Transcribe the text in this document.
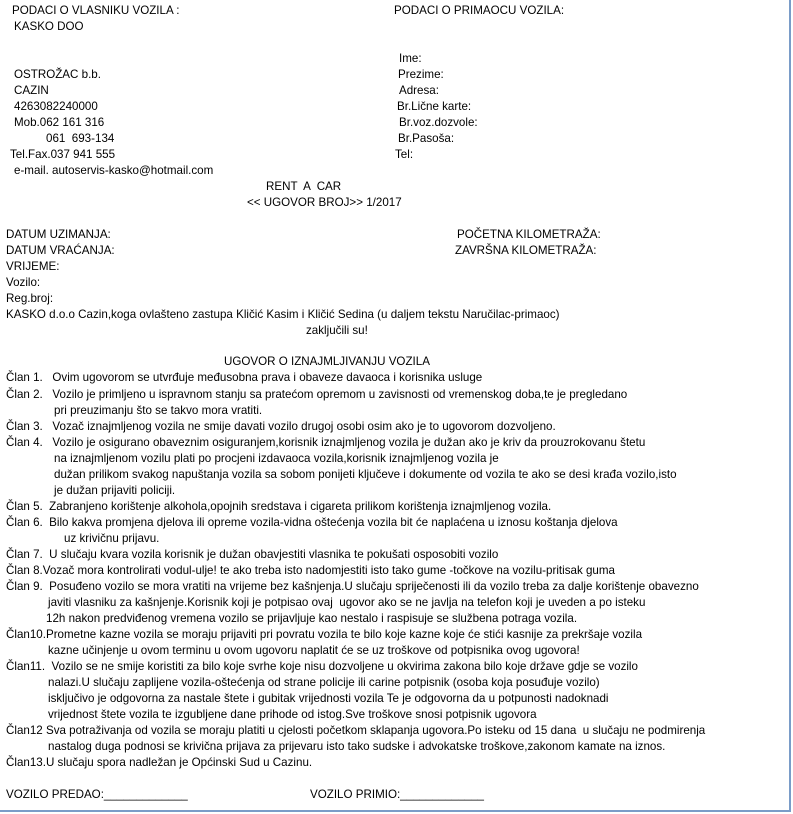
PODACI O VLASNIKU VOZILA :
KASKO DOO
OSTROŽAC b.b.
CAZIN
4263082240000
Mob.062 161 316
061  693-134
Tel.Fax.037 941 555
e-mail. autoservis-kasko@hotmail.com
PODACI O PRIMAOCU VOZILA:
Ime:
Prezime:
Adresa:
Br.Lične karte:
Br.voz.dozvole:
Br.Pasoša:
Tel:
RENT  A  CAR
<< UGOVOR BROJ>> 1/2017
DATUM UZIMANJA:
DATUM VRAĆANJA:
VRIJEME:
Vozilo:
Reg.broj:
POČETNA KILOMETRAŽA:
ZAVRŠNA KILOMETRAŽA:
KASKO d.o.o Cazin,koga ovlašteno zastupa Kličić Kasim i Kličić Sedina (u daljem tekstu Naručilac-primaoc)
zaključili su!
UGOVOR O IZNAJMLJIVANJU VOZILA
Član 1.   Ovim ugovorom se utvrđuje međusobna prava i obaveze davaoca i korisnika usluge
Član 2.   Vozilo je primljeno u ispravnom stanju sa pratećom opremom u zavisnosti od vremenskog doba,te je pregledano
pri preuzimanju što se takvo mora vratiti.
Član 3.   Vozač iznajmljenog vozila ne smije davati vozilo drugoj osobi osim ako je to ugovorom dozvoljeno.
Član 4.   Vozilo je osigurano obaveznim osiguranjem,korisnik iznajmljenog vozila je dužan ako je kriv da prouzrokovanu štetu
na iznajmljenom vozilu plati po procjeni izdavaoca vozila,korisnik iznajmljenog vozila je
dužan prilikom svakog napuštanja vozila sa sobom ponijeti ključeve i dokumente od vozila te ako se desi krađa vozilo,isto
je dužan prijaviti policiji.
Član 5.  Zabranjeno korištenje alkohola,opojnih sredstava i cigareta prilikom korištenja iznajmljenog vozila.
Član 6.  Bilo kakva promjena djelova ili opreme vozila-vidna oštećenja vozila bit će naplaćena u iznosu koštanja djelova
uz krivičnu prijavu.
Član 7.  U slučaju kvara vozila korisnik je dužan obavjestiti vlasnika te pokušati osposobiti vozilo
Član 8.Vozač mora kontrolirati vodul-ulje! te ako treba isto nadomjestiti isto tako gume -točkove na vozilu-pritisak guma
Član 9.  Posuđeno vozilo se mora vratiti na vrijeme bez kašnjenja.U slučaju spriječenosti ili da vozilo treba za dalje korištenje obavezno
javiti vlasniku za kašnjenje.Korisnik koji je potpisao ovaj  ugovor ako se ne javlja na telefon koji je uveden a po isteku
12h nakon predviđenog vremena vozilo se prijavljuje kao nestalo i raspisuje se službena potraga vozila.
Član10.Prometne kazne vozila se moraju prijaviti pri povratu vozila te bilo koje kazne koje će stići kasnije za prekršaje vozila
kazne učinjenje u ovom terminu u ovom ugovoru naplatit će se uz troškove od potpisnika ovog ugovora!
Član11.  Vozilo se ne smije koristiti za bilo koje svrhe koje nisu dozvoljene u okvirima zakona bilo koje države gdje se vozilo
nalazi.U slučaju zaplijene vozila-oštećenja od strane policije ili carine potpisnik (osoba koja posuđuje vozilo)
isključivo je odgovorna za nastale štete i gubitak vrijednosti vozila Te je odgovorna da u potpunosti nadoknadi
vrijednost štete vozila te izgubljene dane prihode od istog.Sve troškove snosi potpisnik ugovora
Član12 Sva potraživanja od vozila se moraju platiti u cjelosti početkom sklapanja ugovora.Po isteku od 15 dana  u slučaju ne podmirenja
nastalog duga podnosi se krivična prijava za prijevaru isto tako sudske i advokatske troškove,zakonom kamate na iznos.
Član13.U slučaju spora nadležan je Općinski Sud u Cazinu.
VOZILO PREDAO:_____________	VOZILO PRIMIO:_____________
